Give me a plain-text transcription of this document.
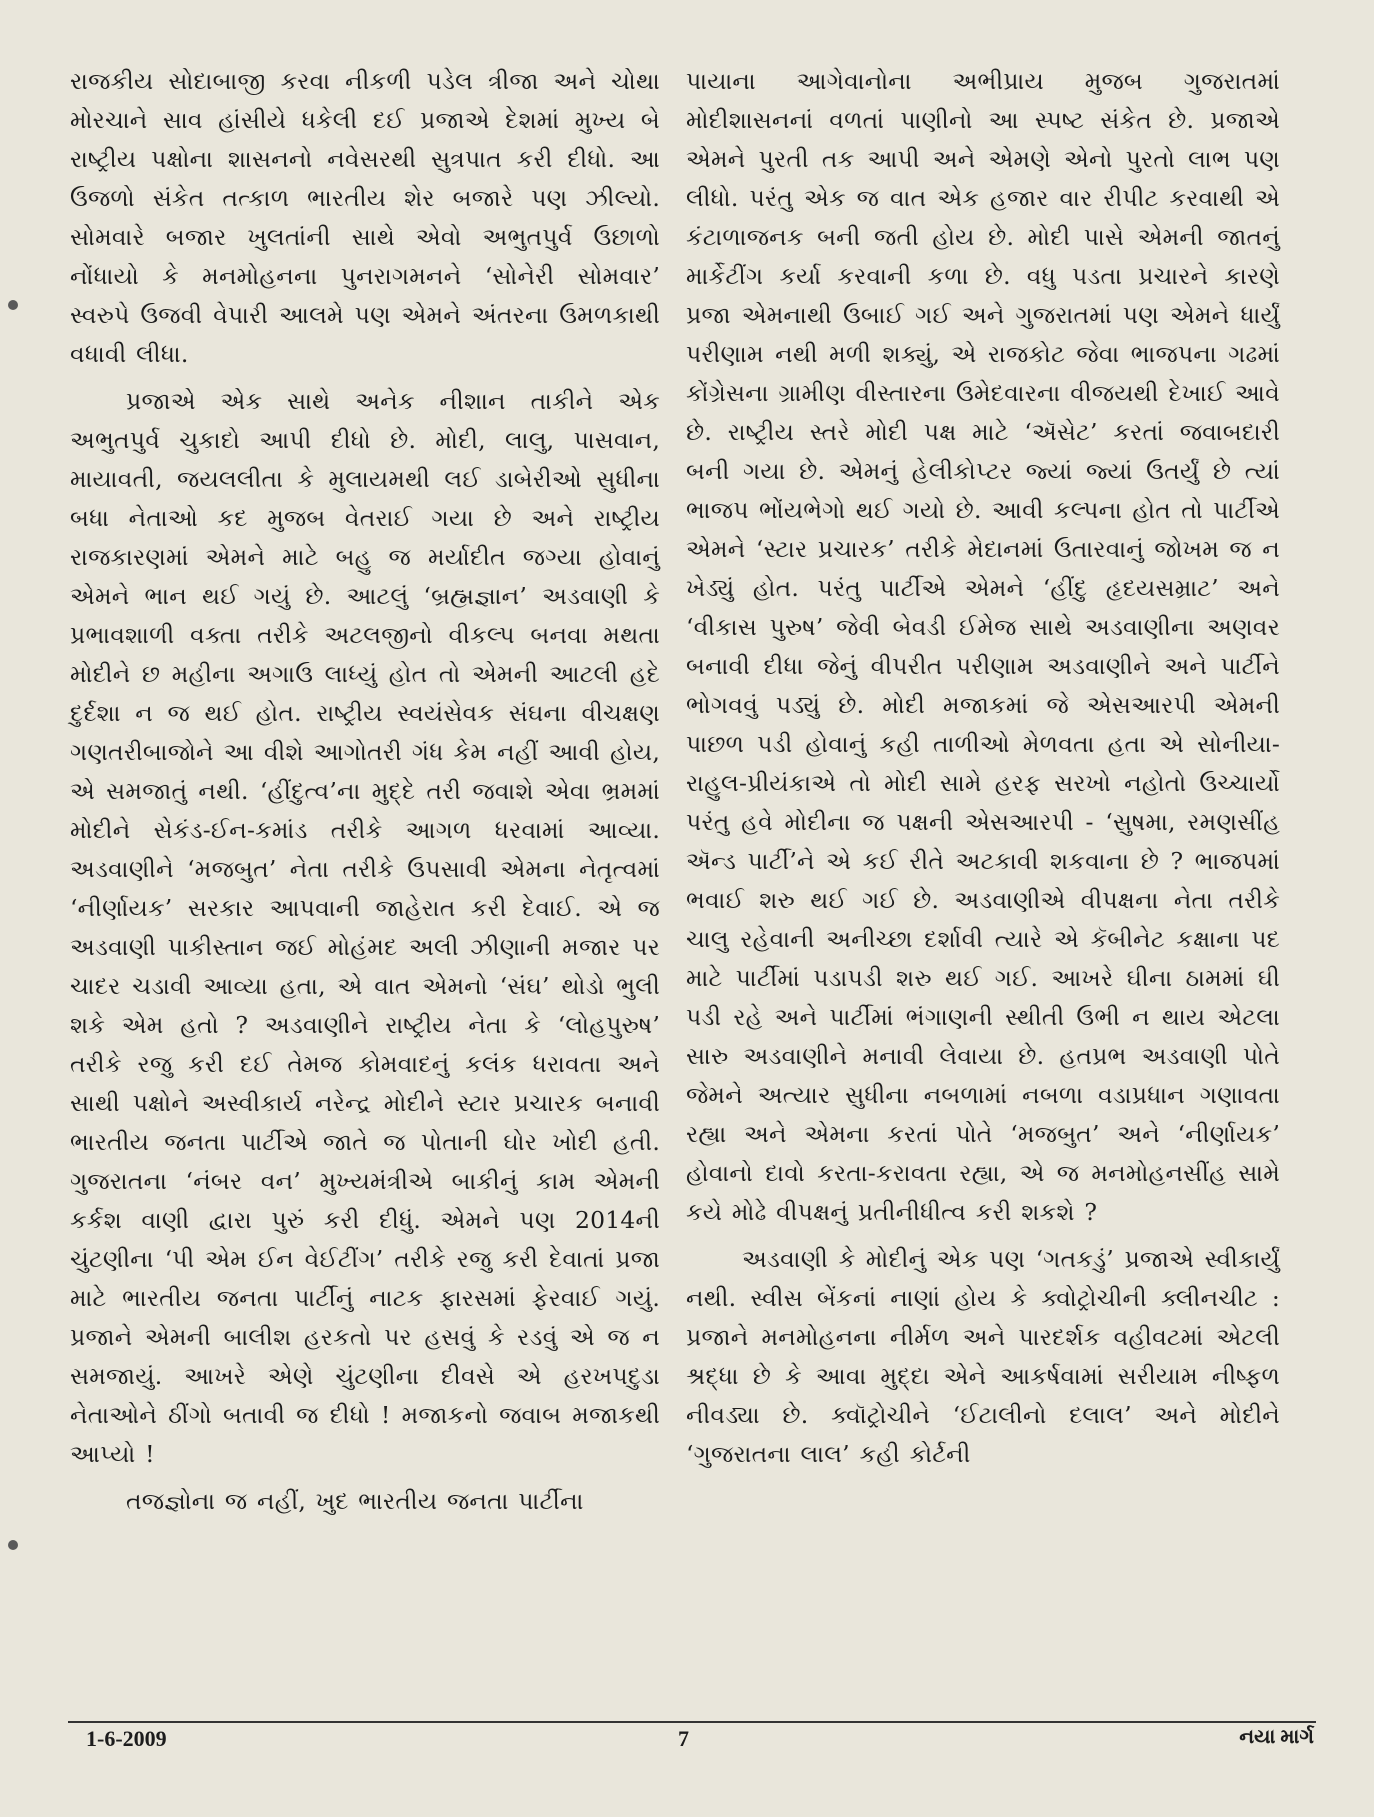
રાજકીય સોદાબાજી કરવા નીકળી પડેલ ત્રીજા અને ચોથા મોરચાને સાવ હાંસીયે ધકેલી દઈ પ્રજાએ દેશમાં મુખ્ય બે રાષ્ટ્રીય પક્ષોના શાસનનો નવેસરથી સુત્રપાત કરી દીધો. આ ઉજળો સંકેત તત્કાળ ભારતીય શેર બજારે પણ ઝીલ્યો. સોમવારે બજાર ખુલતાંની સાથે એવો અભુતપુર્વ ઉછાળો નોંધાયો કે મનમોહનના પુનરાગમનને ‘સોનેરી સોમવાર’ સ્વરુપે ઉજવી વેપારી આલમે પણ એમને અંતરના ઉમળકાથી વધાવી લીધા.

પ્રજાએ એક સાથે અનેક નીશાન તાકીને એક અભુતપુર્વ ચુકાદો આપી દીધો છે. મોદી, લાલુ, પાસવાન, માયાવતી, જયલલીતા કે મુલાયમથી લઈ ડાબેરીઓ સુધીના બધા નેતાઓ કદ મુજબ વેતરાઈ ગયા છે અને રાષ્ટ્રીય રાજકારણમાં એમને માટે બહુ જ મર્યાદીત જગ્યા હોવાનું એમને ભાન થઈ ગયું છે. આટલું ‘બ્રહ્મજ્ઞાન’ અડવાણી કે પ્રભાવશાળી વક્તા તરીકે અટલજીનો વીકલ્પ બનવા મથતા મોદીને છ મહીના અગાઉ લાધ્યું હોત તો એમની આટલી હદે દુર્દશા ન જ થઈ હોત. રાષ્ટ્રીય સ્વયંસેવક સંઘના વીચક્ષણ ગણતરીબાજોને આ વીશે આગોતરી ગંધ કેમ નહીં આવી હોય, એ સમજાતું નથી. ‘હીંદુત્વ’ના મુદ્દે તરી જવાશે એવા ભ્રમમાં મોદીને સેકંડ-ઈન-કમાંડ તરીકે આગળ ધરવામાં આવ્યા. અડવાણીને ‘મજબુત’ નેતા તરીકે ઉપસાવી એમના નેતૃત્વમાં ‘નીર્ણાયક’ સરકાર આપવાની જાહેરાત કરી દેવાઈ. એ જ અડવાણી પાકીસ્તાન જઈ મોહંમદ અલી ઝીણાની મજાર પર ચાદર ચડાવી આવ્યા હતા, એ વાત એમનો ‘સંઘ’ થોડો ભુલી શકે એમ હતો ? અડવાણીને રાષ્ટ્રીય નેતા કે ‘લોહપુરુષ’ તરીકે રજુ કરી દઈ તેમજ કોમવાદનું કલંક ધરાવતા અને સાથી પક્ષોને અસ્વીકાર્ય નરેન્દ્ર મોદીને સ્ટાર પ્રચારક બનાવી ભારતીય જનતા પાર્ટીએ જાતે જ પોતાની ઘોર ખોદી હતી. ગુજરાતના ‘નંબર વન’ મુખ્યમંત્રીએ બાકીનું કામ એમની કર્કશ વાણી દ્વારા પુરું કરી દીધું. એમને પણ 2014ની ચુંટણીના ‘પી એમ ઈન વેઈટીંગ’ તરીકે રજુ કરી દેવાતાં પ્રજા માટે ભારતીય જનતા પાર્ટીનું નાટક ફારસમાં ફેરવાઈ ગયું. પ્રજાને એમની બાલીશ હરકતો પર હસવું કે રડવું એ જ ન સમજાયું. આખરે એણે ચુંટણીના દીવસે એ હરખપદુડા નેતાઓને ઠીંગો બતાવી જ દીધો ! મજાકનો જવાબ મજાકથી આપ્યો !

તજજ્ઞોના જ નહીં, ખુદ ભારતીય જનતા પાર્ટીના

પાયાના આગેવાનોના અભીપ્રાય મુજબ ગુજરાતમાં મોદીશાસનનાં વળતાં પાણીનો આ સ્પષ્ટ સંકેત છે. પ્રજાએ એમને પુરતી તક આપી અને એમણે એનો પુરતો લાભ પણ લીધો. પરંતુ એક જ વાત એક હજાર વાર રીપીટ કરવાથી એ કંટાળાજનક બની જતી હોય છે. મોદી પાસે એમની જાતનું માર્કેટીંગ કર્યા કરવાની કળા છે. વધુ પડતા પ્રચારને કારણે પ્રજા એમનાથી ઉબાઈ ગઈ અને ગુજરાતમાં પણ એમને ધાર્યું પરીણામ નથી મળી શક્યું, એ રાજકોટ જેવા ભાજપના ગઢમાં કોંગ્રેસના ગ્રામીણ વીસ્તારના ઉમેદવારના વીજયથી દેખાઈ આવે છે. રાષ્ટ્રીય સ્તરે મોદી પક્ષ માટે ‘ઍસેટ’ કરતાં જવાબદારી બની ગયા છે. એમનું હેલીકોપ્ટર જ્યાં જ્યાં ઉતર્યું છે ત્યાં ભાજપ ભોંયભેગો થઈ ગયો છે. આવી કલ્પના હોત તો પાર્ટીએ એમને ‘સ્ટાર પ્રચારક’ તરીકે મેદાનમાં ઉતારવાનું જોખમ જ ન ખેડ્યું હોત. પરંતુ પાર્ટીએ એમને ‘હીંદુ હૃદયસમ્રાટ’ અને ‘વીકાસ પુરુષ’ જેવી બેવડી ઈમેજ સાથે અડવાણીના અણવર બનાવી દીધા જેનું વીપરીત પરીણામ અડવાણીને અને પાર્ટીને ભોગવવું પડ્યું છે. મોદી મજાકમાં જે એસઆરપી એમની પાછળ પડી હોવાનું કહી તાળીઓ મેળવતા હતા એ સોનીયા-રાહુલ-પ્રીયંકાએ તો મોદી સામે હરફ સરખો નહોતો ઉચ્ચાર્યો પરંતુ હવે મોદીના જ પક્ષની એસઆરપી - ‘સુષમા, રમણસીંહ ઍન્ડ પાર્ટી’ને એ કઈ રીતે અટકાવી શકવાના છે ? ભાજપમાં ભવાઈ શરુ થઈ ગઈ છે. અડવાણીએ વીપક્ષના નેતા તરીકે ચાલુ રહેવાની અનીચ્છા દર્શાવી ત્યારે એ કૅબીનેટ કક્ષાના પદ માટે પાર્ટીમાં પડાપડી શરુ થઈ ગઈ. આખરે ઘીના ઠામમાં ઘી પડી રહે અને પાર્ટીમાં ભંગાણની સ્થીતી ઉભી ન થાય એટલા સારુ અડવાણીને મનાવી લેવાયા છે. હતપ્રભ અડવાણી પોતે જેમને અત્યાર સુધીના નબળામાં નબળા વડાપ્રધાન ગણાવતા રહ્યા અને એમના કરતાં પોતે ‘મજબુત’ અને ‘નીર્ણાયક’ હોવાનો દાવો કરતા-કરાવતા રહ્યા, એ જ મનમોહનસીંહ સામે કયે મોઢે વીપક્ષનું પ્રતીનીધીત્વ કરી શકશે ?

અડવાણી કે મોદીનું એક પણ ‘ગતકડું’ પ્રજાએ સ્વીકાર્યું નથી. સ્વીસ બેંકનાં નાણાં હોય કે ક્વોટ્રોચીની ક્લીનચીટ : પ્રજાને મનમોહનના નીર્મળ અને પારદર્શક વહીવટમાં એટલી શ્રદ્ધા છે કે આવા મુદ્દા એને આકર્ષવામાં સરીયામ નીષ્ફળ નીવડ્યા છે. ક્વૉટ્રોચીને ‘ઈટાલીનો દલાલ’ અને મોદીને ‘ગુજરાતના લાલ’ કહી કોર્ટની

1-6-2009	7	નયા માર્ગ
